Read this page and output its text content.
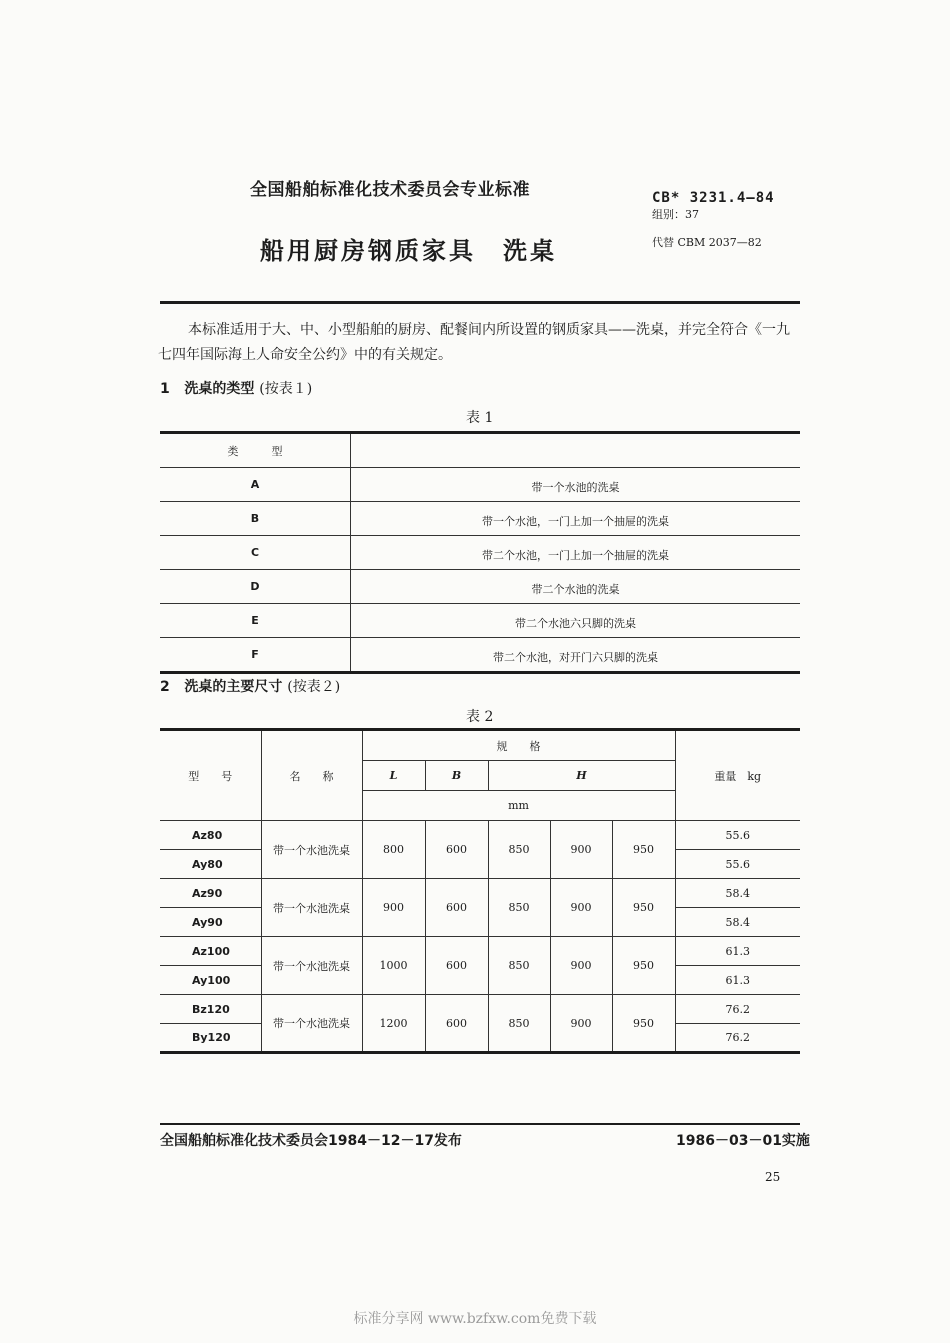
全国船舶标准化技术委员会专业标准	CB* 3231.4—84
组别：37
船用厨房钢质家具　洗桌	代替 CBM 2037—82
本标准适用于大、中、小型船舶的厨房、配餐间内所设置的钢质家具——洗桌，并完全符合《一九七四年国际海上人命安全公约》中的有关规定。
1 洗桌的类型 (按表１)
表 1
类　　　型	
A	带一个水池的洗桌
B	带一个水池，一门上加一个抽屉的洗桌
C	带二个水池，一门上加一个抽屉的洗桌
D	带二个水池的洗桌
E	带二个水池六只脚的洗桌
F	带二个水池，对开门六只脚的洗桌
2 洗桌的主要尺寸 (按表２)
表 2
型　　号	名　　称	规　　格					重量　kg
		L	B	H			
		mm					
Az80	带一个水池洗桌	800	600	850	900	950	55.6
Ay80							55.6
Az90	带一个水池洗桌	900	600	850	900	950	58.4
Ay90							58.4
Az100	带一个水池洗桌	1000	600	850	900	950	61.3
Ay100							61.3
Bz120	带一个水池洗桌	1200	600	850	900	950	76.2
By120							76.2
全国船舶标准化技术委员会1984－12－17发布	1986－03－01实施
25
标准分享网 www.bzfxw.com免费下载
